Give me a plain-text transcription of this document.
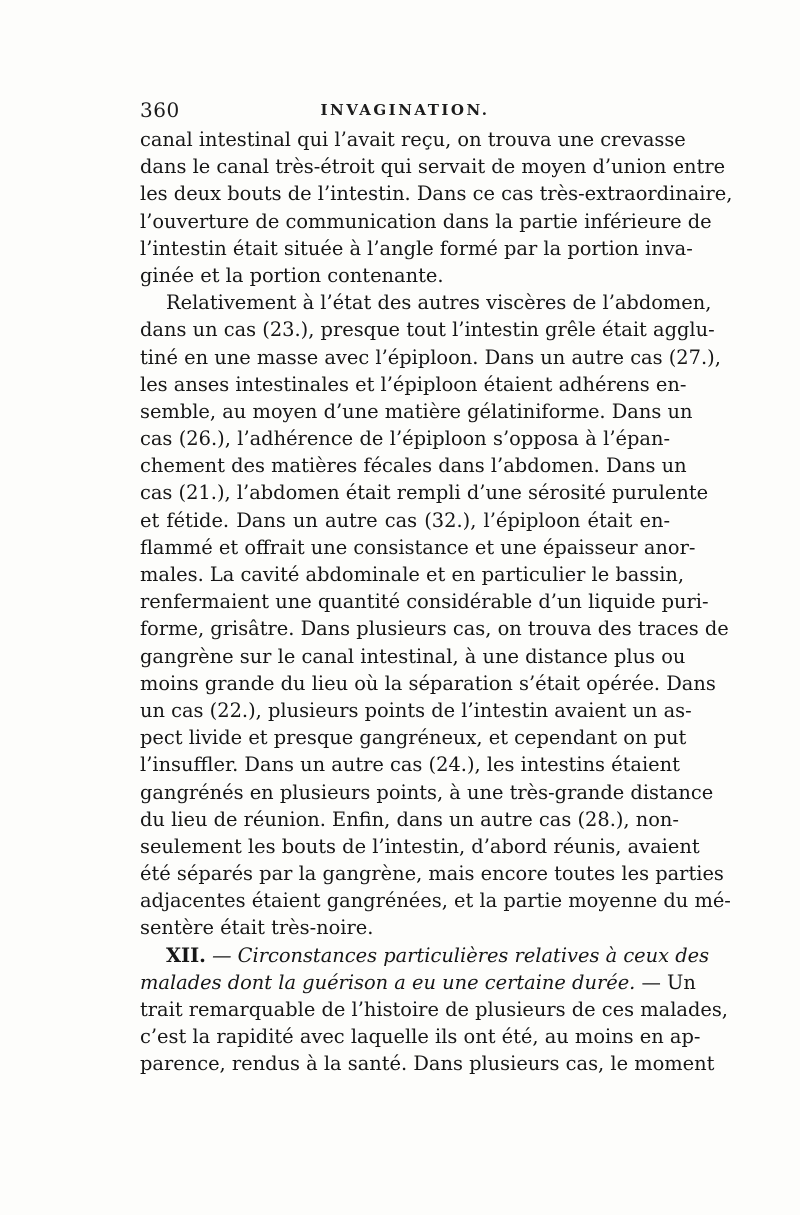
360	INVAGINATION.
canal intestinal qui l’avait reçu, on trouva une crevasse
dans le canal très-étroit qui servait de moyen d’union entre
les deux bouts de l’intestin. Dans ce cas très-extraordinaire,
l’ouverture de communication dans la partie inférieure de
l’intestin était située à l’angle formé par la portion inva-
ginée et la portion contenante.
Relativement à l’état des autres viscères de l’abdomen,
dans un cas (23.), presque tout l’intestin grêle était agglu-
tiné en une masse avec l’épiploon. Dans un autre cas (27.),
les anses intestinales et l’épiploon étaient adhérens en-
semble, au moyen d’une matière gélatiniforme. Dans un
cas (26.), l’adhérence de l’épiploon s’opposa à l’épan-
chement des matières fécales dans l’abdomen. Dans un
cas (21.), l’abdomen était rempli d’une sérosité purulente
et fétide. Dans un autre cas (32.), l’épiploon était en-
flammé et offrait une consistance et une épaisseur anor-
males. La cavité abdominale et en particulier le bassin,
renfermaient une quantité considérable d’un liquide puri-
forme, grisâtre. Dans plusieurs cas, on trouva des traces de
gangrène sur le canal intestinal, à une distance plus ou
moins grande du lieu où la séparation s’était opérée. Dans
un cas (22.), plusieurs points de l’intestin avaient un as-
pect livide et presque gangréneux, et cependant on put
l’insuffler. Dans un autre cas (24.), les intestins étaient
gangrénés en plusieurs points, à une très-grande distance
du lieu de réunion. Enfin, dans un autre cas (28.), non-
seulement les bouts de l’intestin, d’abord réunis, avaient
été séparés par la gangrène, mais encore toutes les parties
adjacentes étaient gangrénées, et la partie moyenne du mé-
sentère était très-noire.
XII. — Circonstances particulières relatives à ceux des
malades dont la guérison a eu une certaine durée. — Un
trait remarquable de l’histoire de plusieurs de ces malades,
c’est la rapidité avec laquelle ils ont été, au moins en ap-
parence, rendus à la santé. Dans plusieurs cas, le moment
